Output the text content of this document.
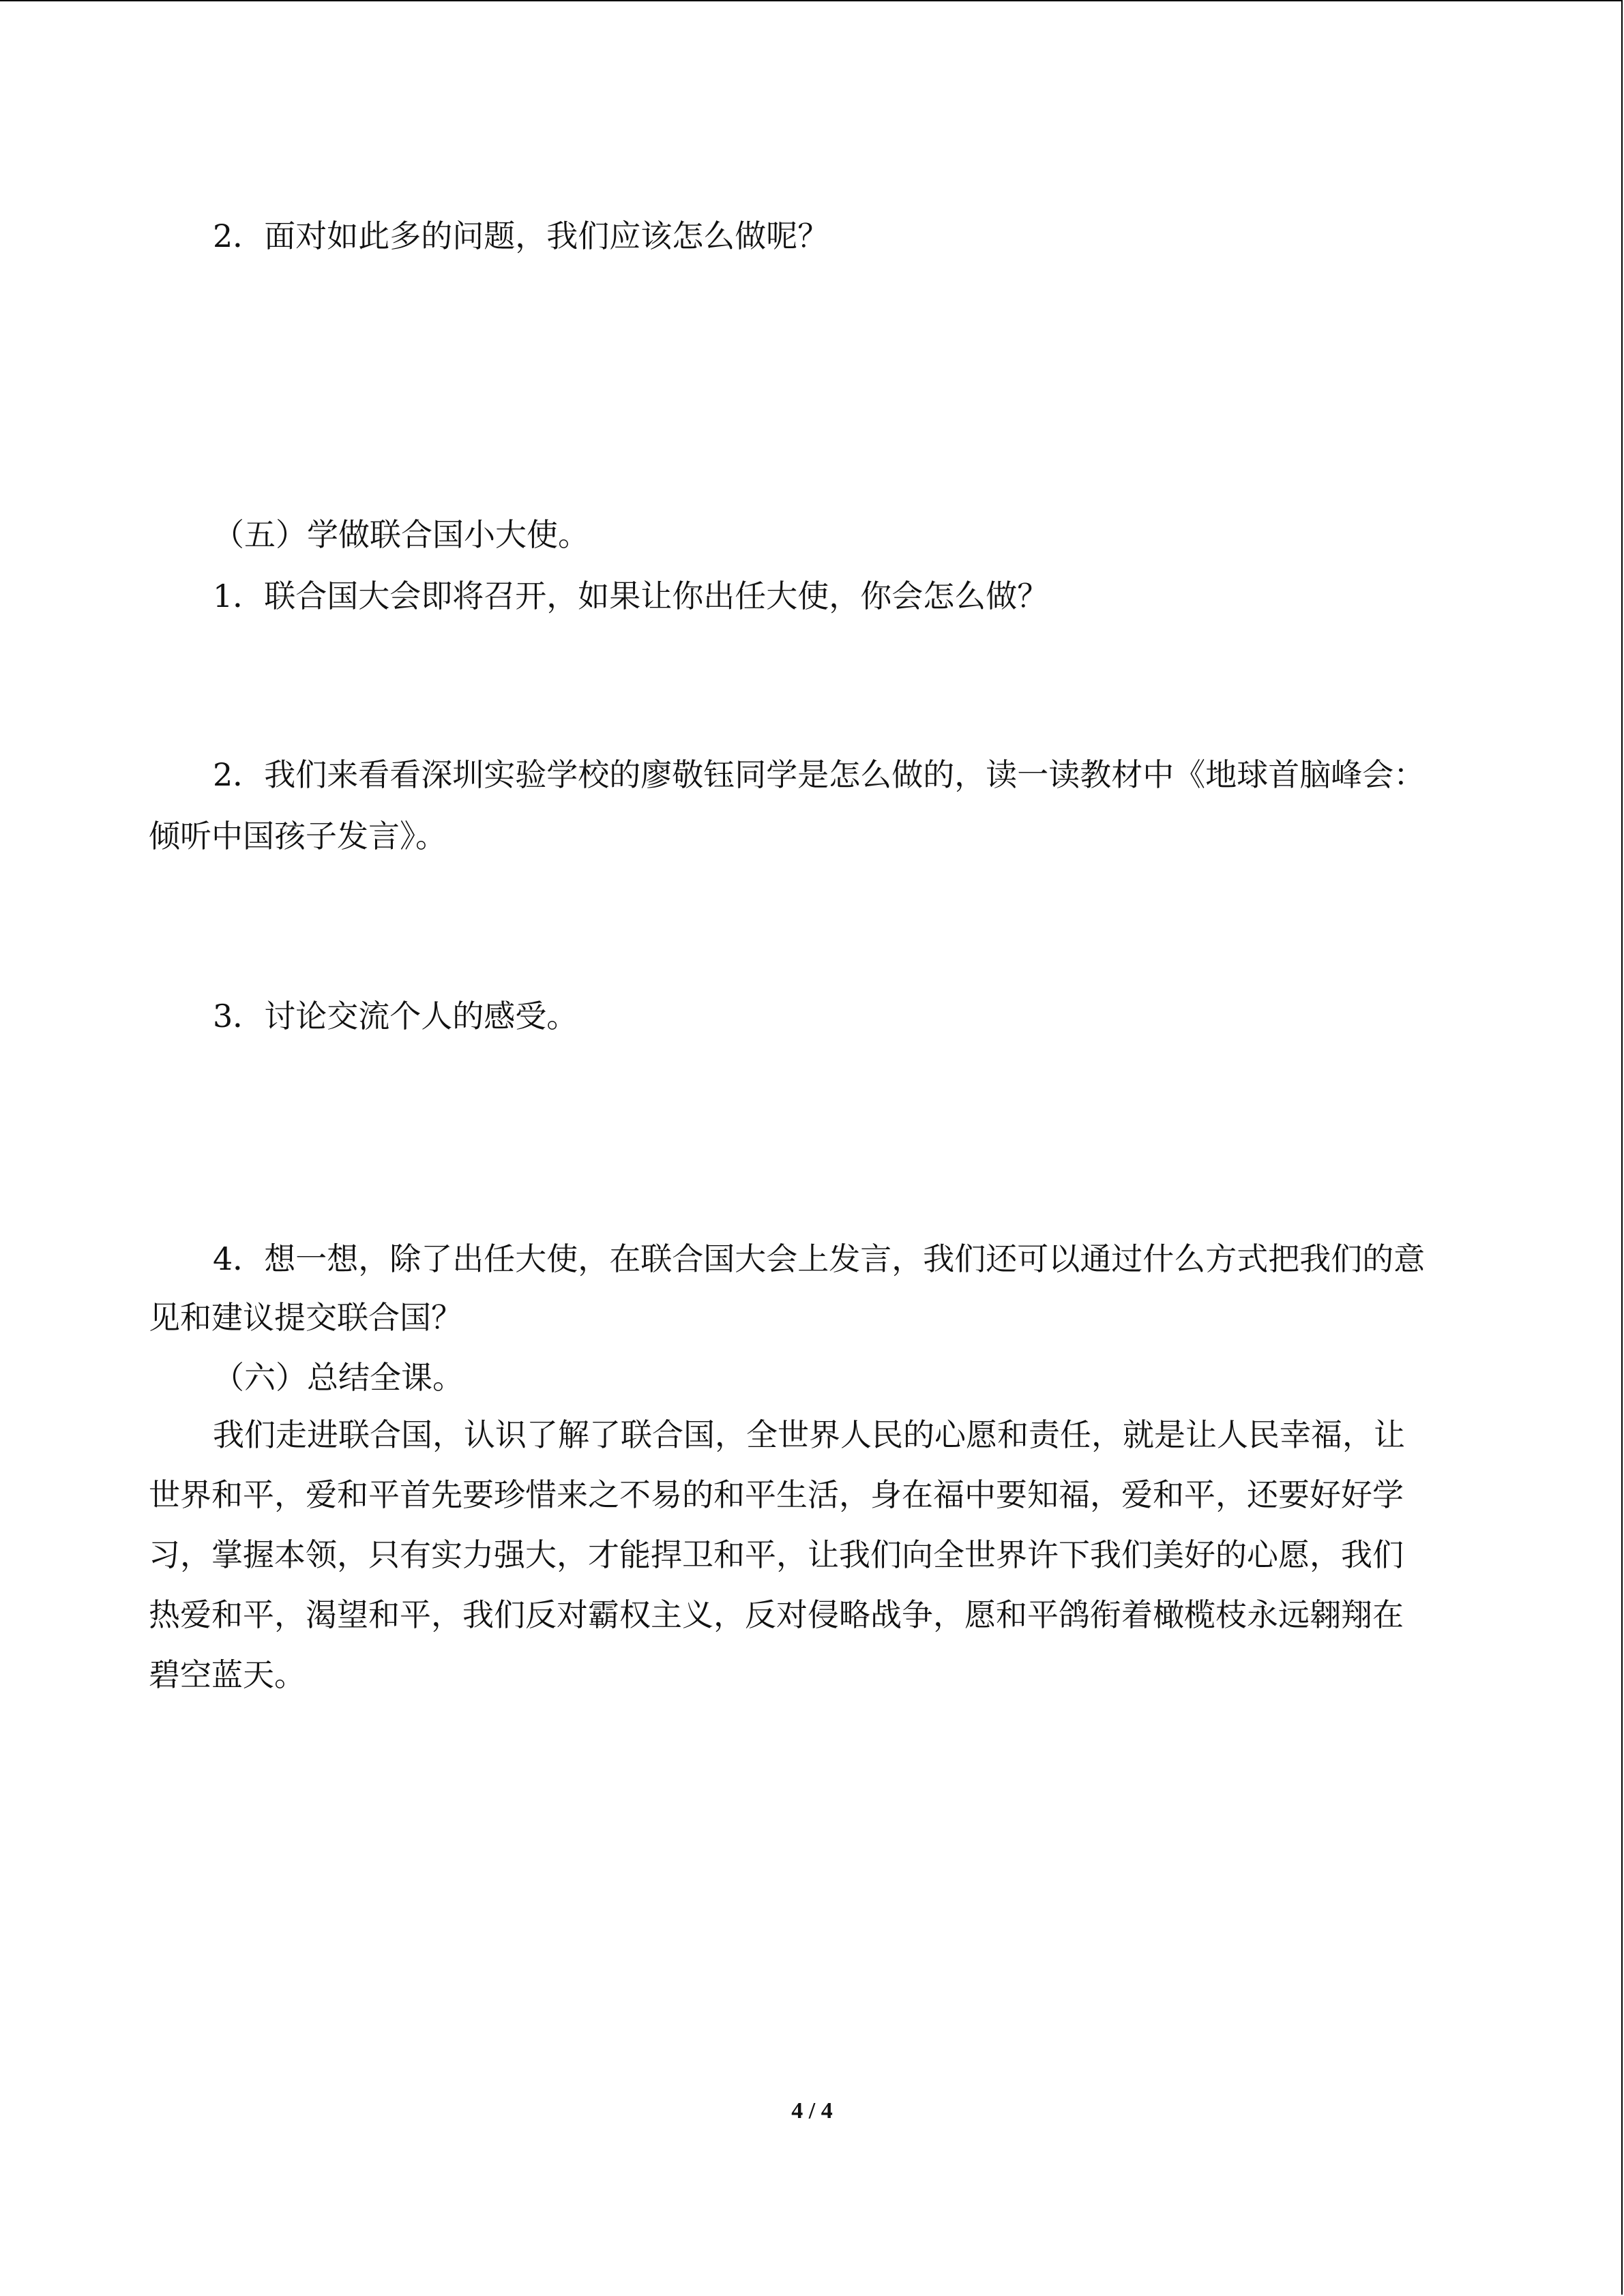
2．面对如此多的问题，我们应该怎么做呢？
（五）学做联合国小大使。
1．联合国大会即将召开，如果让你出任大使，你会怎么做？
2．我们来看看深圳实验学校的廖敬钰同学是怎么做的，读一读教材中《地球首脑峰会：
倾听中国孩子发言》。
3．讨论交流个人的感受。
4．想一想，除了出任大使，在联合国大会上发言，我们还可以通过什么方式把我们的意
见和建议提交联合国？
（六）总结全课。
我们走进联合国，认识了解了联合国，全世界人民的心愿和责任，就是让人民幸福，让
世界和平，爱和平首先要珍惜来之不易的和平生活，身在福中要知福，爱和平，还要好好学
习，掌握本领，只有实力强大，才能捍卫和平，让我们向全世界许下我们美好的心愿，我们
热爱和平，渴望和平，我们反对霸权主义，反对侵略战争，愿和平鸽衔着橄榄枝永远翱翔在
碧空蓝天。
4 / 4
